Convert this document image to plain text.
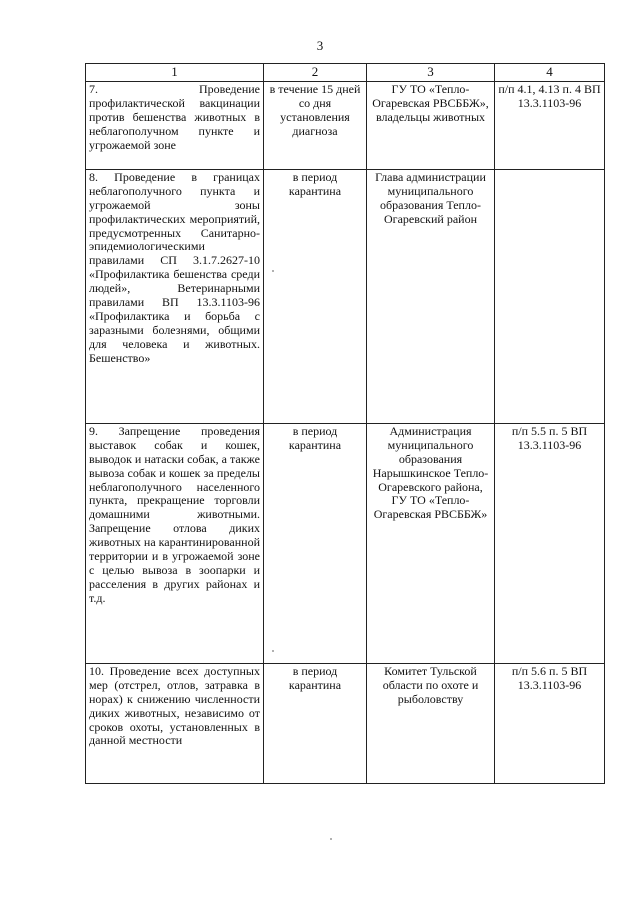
3
1	2	3	4
7. Проведение профилактической вакцинации против бешенства животных в неблагополучном пункте и угрожаемой зоне	в течение 15 дней со дня установления диагноза	ГУ ТО «Тепло-Огаревская РВСББЖ», владельцы животных	п/п 4.1, 4.13 п. 4 ВП 13.3.1103-96
8. Проведение в границах неблагополучного пункта и угрожаемой зоны профилактических мероприятий, предусмотренных Санитарно-эпидемиологическими правилами СП 3.1.7.2627-10 «Профилактика бешенства среди людей», Ветеринарными правилами ВП 13.3.1103-96 «Профилактика и борьба с заразными болезнями, общими для человека и животных. Бешенство»	в период карантина	Глава администрации муниципального образования Тепло-Огаревский район	
9. Запрещение проведения выставок собак и кошек, выводок и натаски собак, а также вывоза собак и кошек за пределы неблагополучного населенного пункта, прекращение торговли домашними животными. Запрещение отлова диких животных на карантинированной территории и в угрожаемой зоне с целью вывоза в зоопарки и расселения в других районах и т.д.	в период карантина	Администрация муниципального образования Нарышкинское Тепло-Огаревского района, ГУ ТО «Тепло-Огаревская РВСББЖ»	п/п 5.5 п. 5 ВП 13.3.1103-96
10. Проведение всех доступных мер (отстрел, отлов, затравка в норах) к снижению численности диких животных, независимо от сроков охоты, установленных в данной местности	в период карантина	Комитет Тульской области по охоте и рыболовству	п/п 5.6 п. 5 ВП 13.3.1103-96
